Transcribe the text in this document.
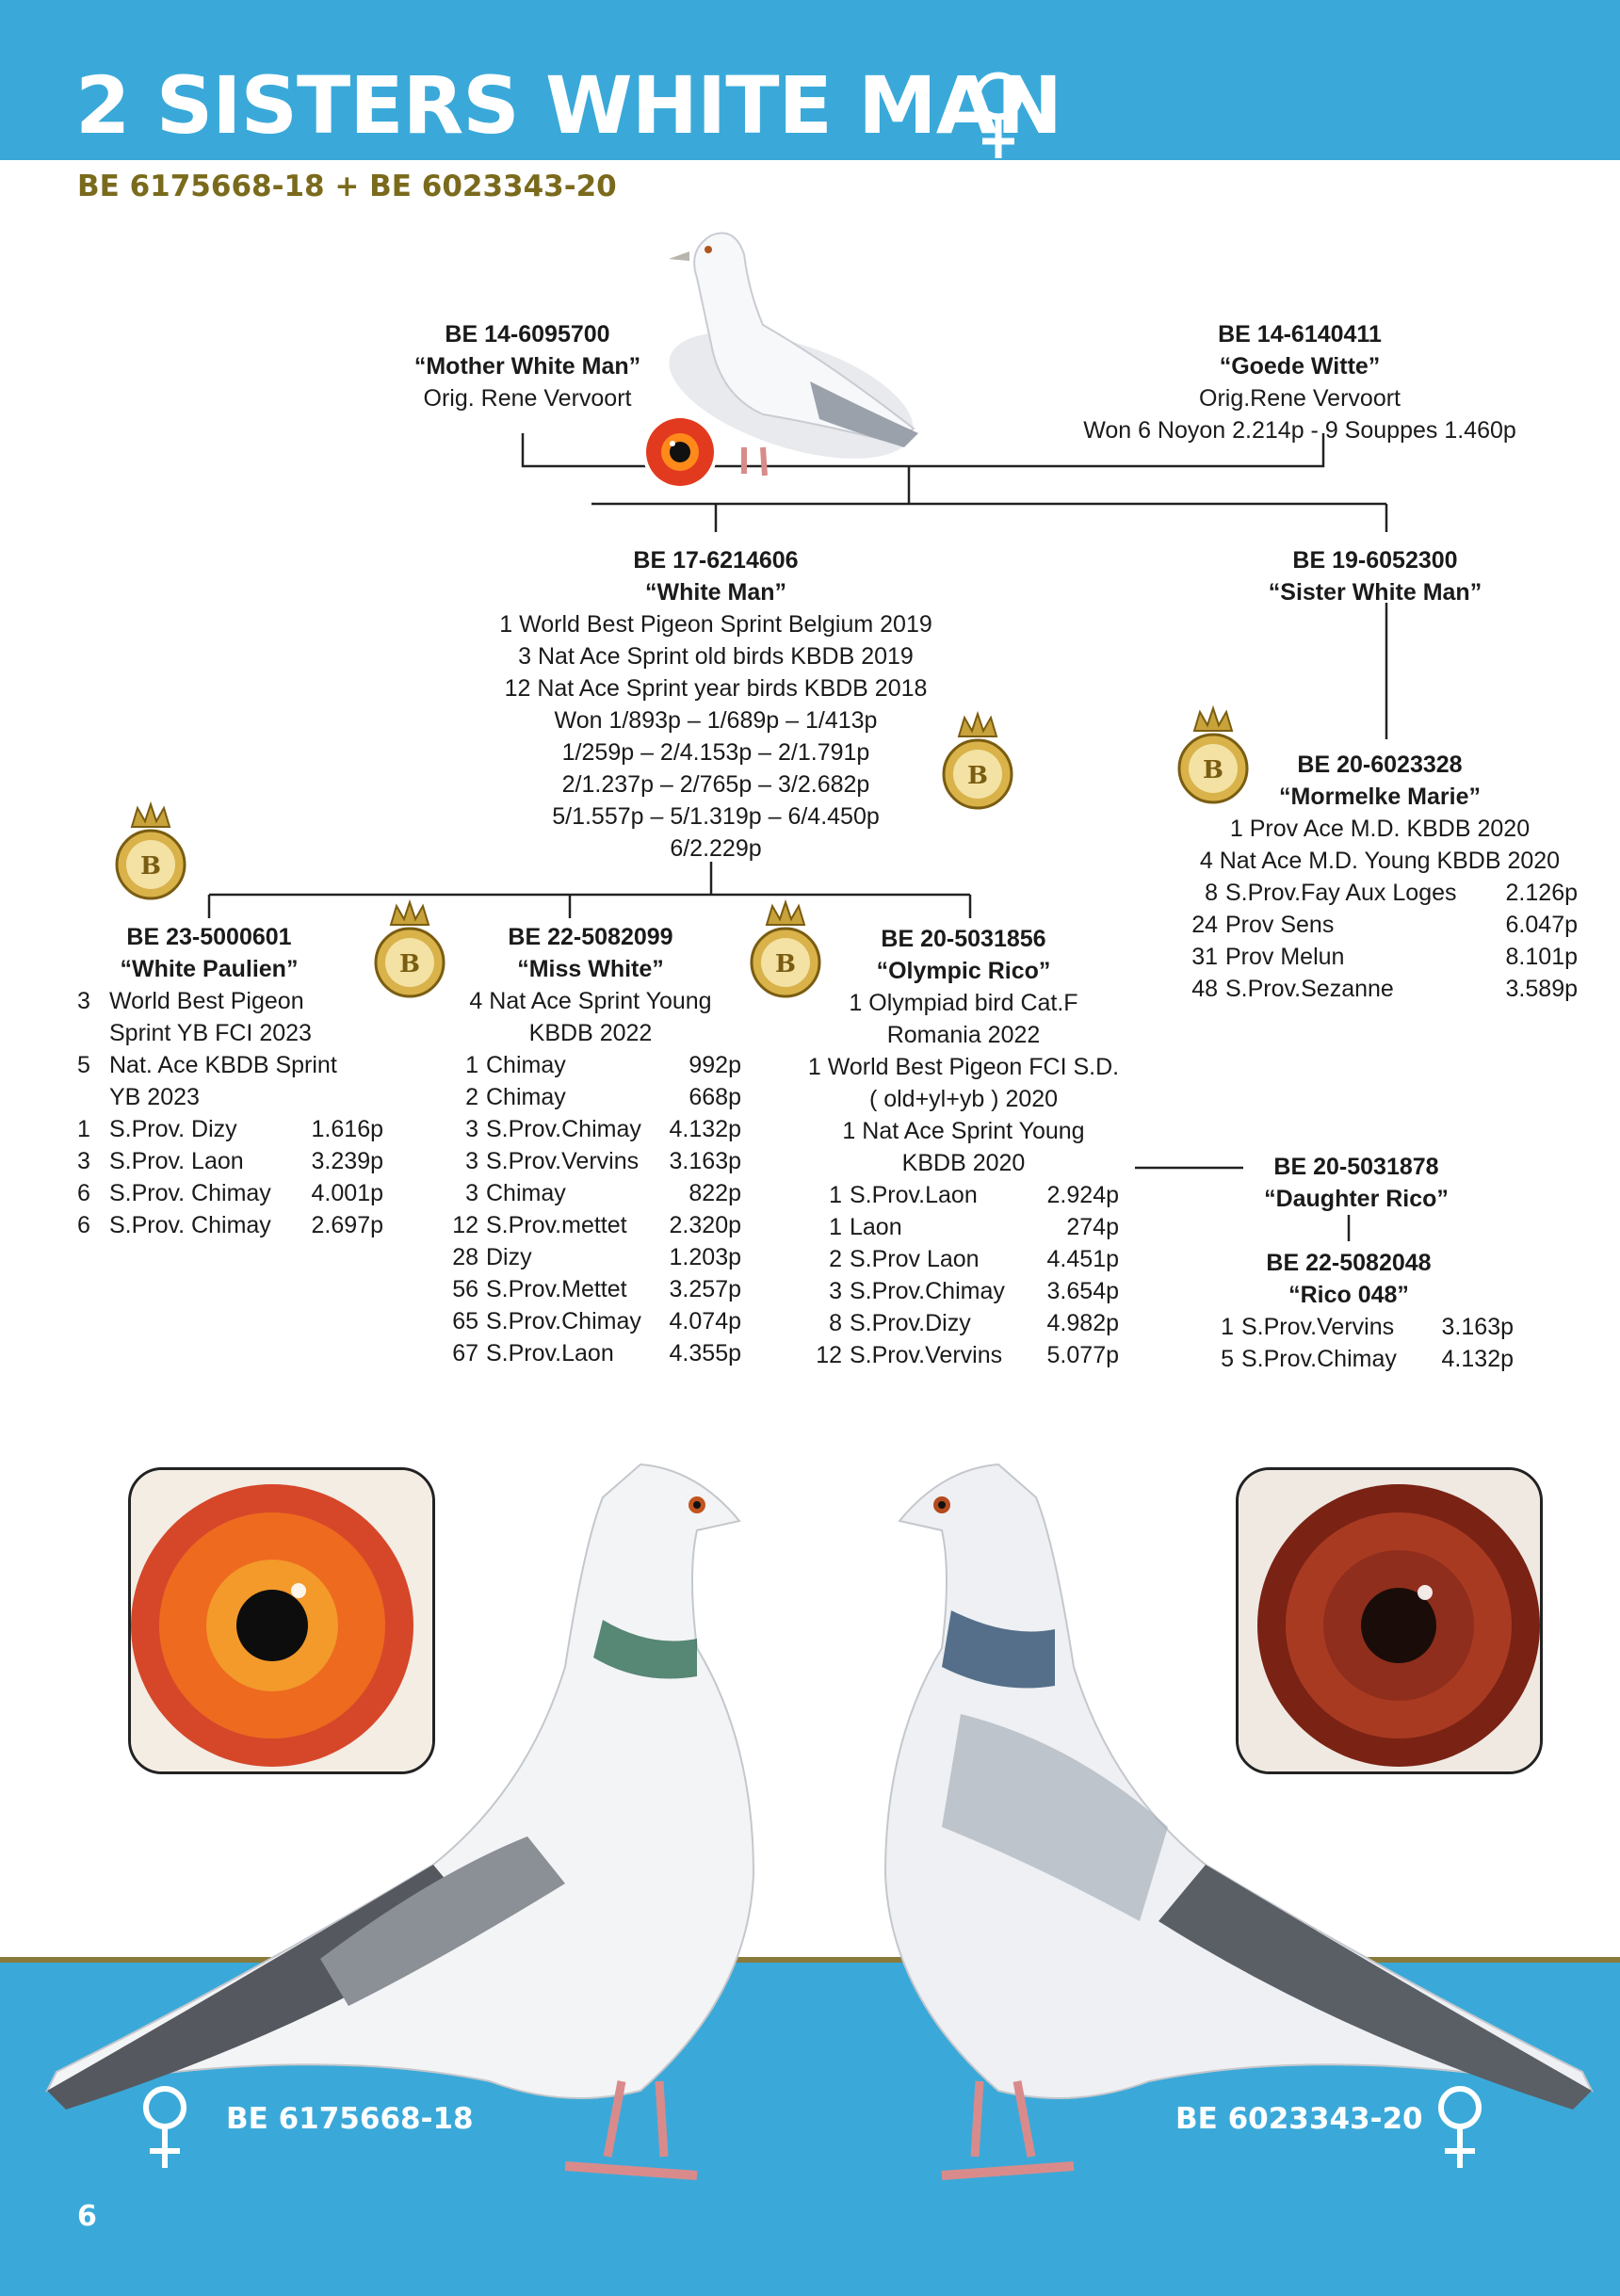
2 SISTERS WHITE MAN
BE 6175668-18 + BE 6023343-20
BE 14-6095700
“Mother White Man”
Orig. Rene Vervoort
BE 14-6140411
“Goede Witte”
Orig.Rene Vervoort
Won 6 Noyon 2.214p - 9 Souppes 1.460p
BE 17-6214606
“White Man”
1 World Best Pigeon Sprint Belgium 2019
3 Nat Ace Sprint old birds KBDB 2019
12 Nat Ace Sprint year birds KBDB 2018
Won 1/893p – 1/689p – 1/413p
1/259p – 2/4.153p – 2/1.791p
2/1.237p – 2/765p – 3/2.682p
5/1.557p – 5/1.319p – 6/4.450p
6/2.229p
BE 19-6052300
“Sister White Man”
BE 20-6023328
“Mormelke Marie”
1 Prov Ace M.D. KBDB 2020
4 Nat Ace M.D. Young KBDB 2020
8 S.Prov.Fay Aux Loges	2.126p
24 Prov Sens	6.047p
31 Prov Melun	8.101p
48 S.Prov.Sezanne	3.589p
BE 23-5000601
“White Paulien”
3 World Best Pigeon
Sprint YB FCI 2023
5 Nat. Ace KBDB Sprint
YB 2023
1 S.Prov. Dizy	1.616p
3 S.Prov. Laon	3.239p
6 S.Prov. Chimay	4.001p
6 S.Prov. Chimay	2.697p
BE 22-5082099
“Miss White”
4 Nat Ace Sprint Young
KBDB 2022
1 Chimay	992p
2 Chimay	668p
3 S.Prov.Chimay	4.132p
3 S.Prov.Vervins	3.163p
3 Chimay	822p
12 S.Prov.mettet	2.320p
28 Dizy	1.203p
56 S.Prov.Mettet	3.257p
65 S.Prov.Chimay	4.074p
67 S.Prov.Laon	4.355p
BE 20-5031856
“Olympic Rico”
1 Olympiad bird Cat.F
Romania 2022
1 World Best Pigeon FCI S.D.
( old+yl+yb ) 2020
1 Nat Ace Sprint Young
KBDB 2020
1 S.Prov.Laon	2.924p
1 Laon	274p
2 S.Prov Laon	4.451p
3 S.Prov.Chimay	3.654p
8 S.Prov.Dizy	4.982p
12 S.Prov.Vervins	5.077p
BE 20-5031878
“Daughter Rico”
BE 22-5082048
“Rico 048”
1 S.Prov.Vervins	3.163p
5 S.Prov.Chimay	4.132p
B
B	B
B	B
BE 6175668-18	BE 6023343-20
6
